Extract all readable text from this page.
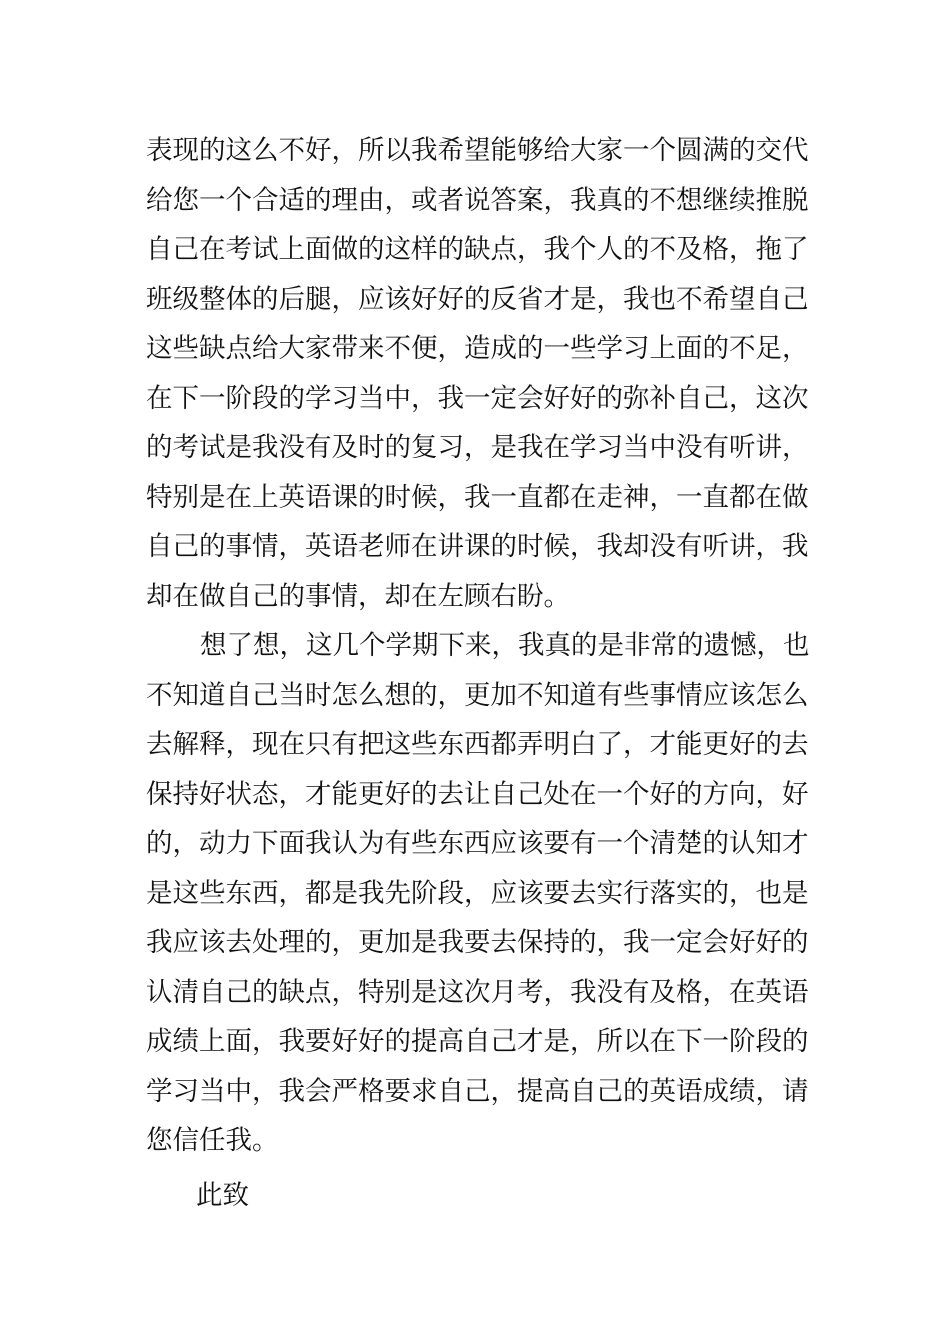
表现的这么不好，所以我希望能够给大家一个圆满的交代
给您一个合适的理由，或者说答案，我真的不想继续推脱
自己在考试上面做的这样的缺点，我个人的不及格，拖了
班级整体的后腿，应该好好的反省才是，我也不希望自己
这些缺点给大家带来不便，造成的一些学习上面的不足，
在下一阶段的学习当中，我一定会好好的弥补自己，这次
的考试是我没有及时的复习，是我在学习当中没有听讲，
特别是在上英语课的时候，我一直都在走神，一直都在做
自己的事情，英语老师在讲课的时候，我却没有听讲，我
却在做自己的事情，却在左顾右盼。
想了想，这几个学期下来，我真的是非常的遗憾，也
不知道自己当时怎么想的，更加不知道有些事情应该怎么
去解释，现在只有把这些东西都弄明白了，才能更好的去
保持好状态，才能更好的去让自己处在一个好的方向，好
的，动力下面我认为有些东西应该要有一个清楚的认知才
是这些东西，都是我先阶段，应该要去实行落实的，也是
我应该去处理的，更加是我要去保持的，我一定会好好的
认清自己的缺点，特别是这次月考，我没有及格，在英语
成绩上面，我要好好的提高自己才是，所以在下一阶段的
学习当中，我会严格要求自己，提高自己的英语成绩，请
您信任我。
此致
